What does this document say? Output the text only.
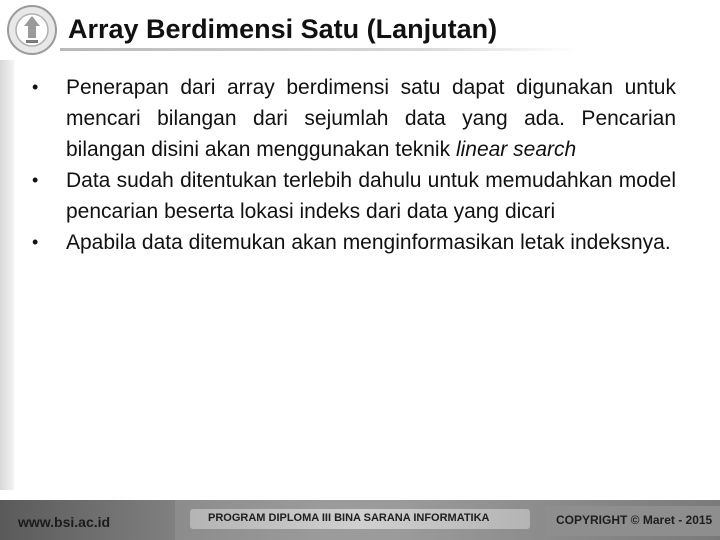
Array Berdimensi Satu (Lanjutan)
•	Penerapan dari array berdimensi satu dapat digunakan untuk mencari bilangan dari sejumlah data yang ada. Pencarian bilangan disini akan menggunakan teknik linear search
•	Data sudah ditentukan terlebih dahulu untuk memudahkan model pencarian beserta lokasi indeks dari data yang dicari
•	Apabila data ditemukan akan menginformasikan letak indeksnya.
www.bsi.ac.id	PROGRAM DIPLOMA III BINA SARANA INFORMATIKA	COPYRIGHT © Maret - 2015
